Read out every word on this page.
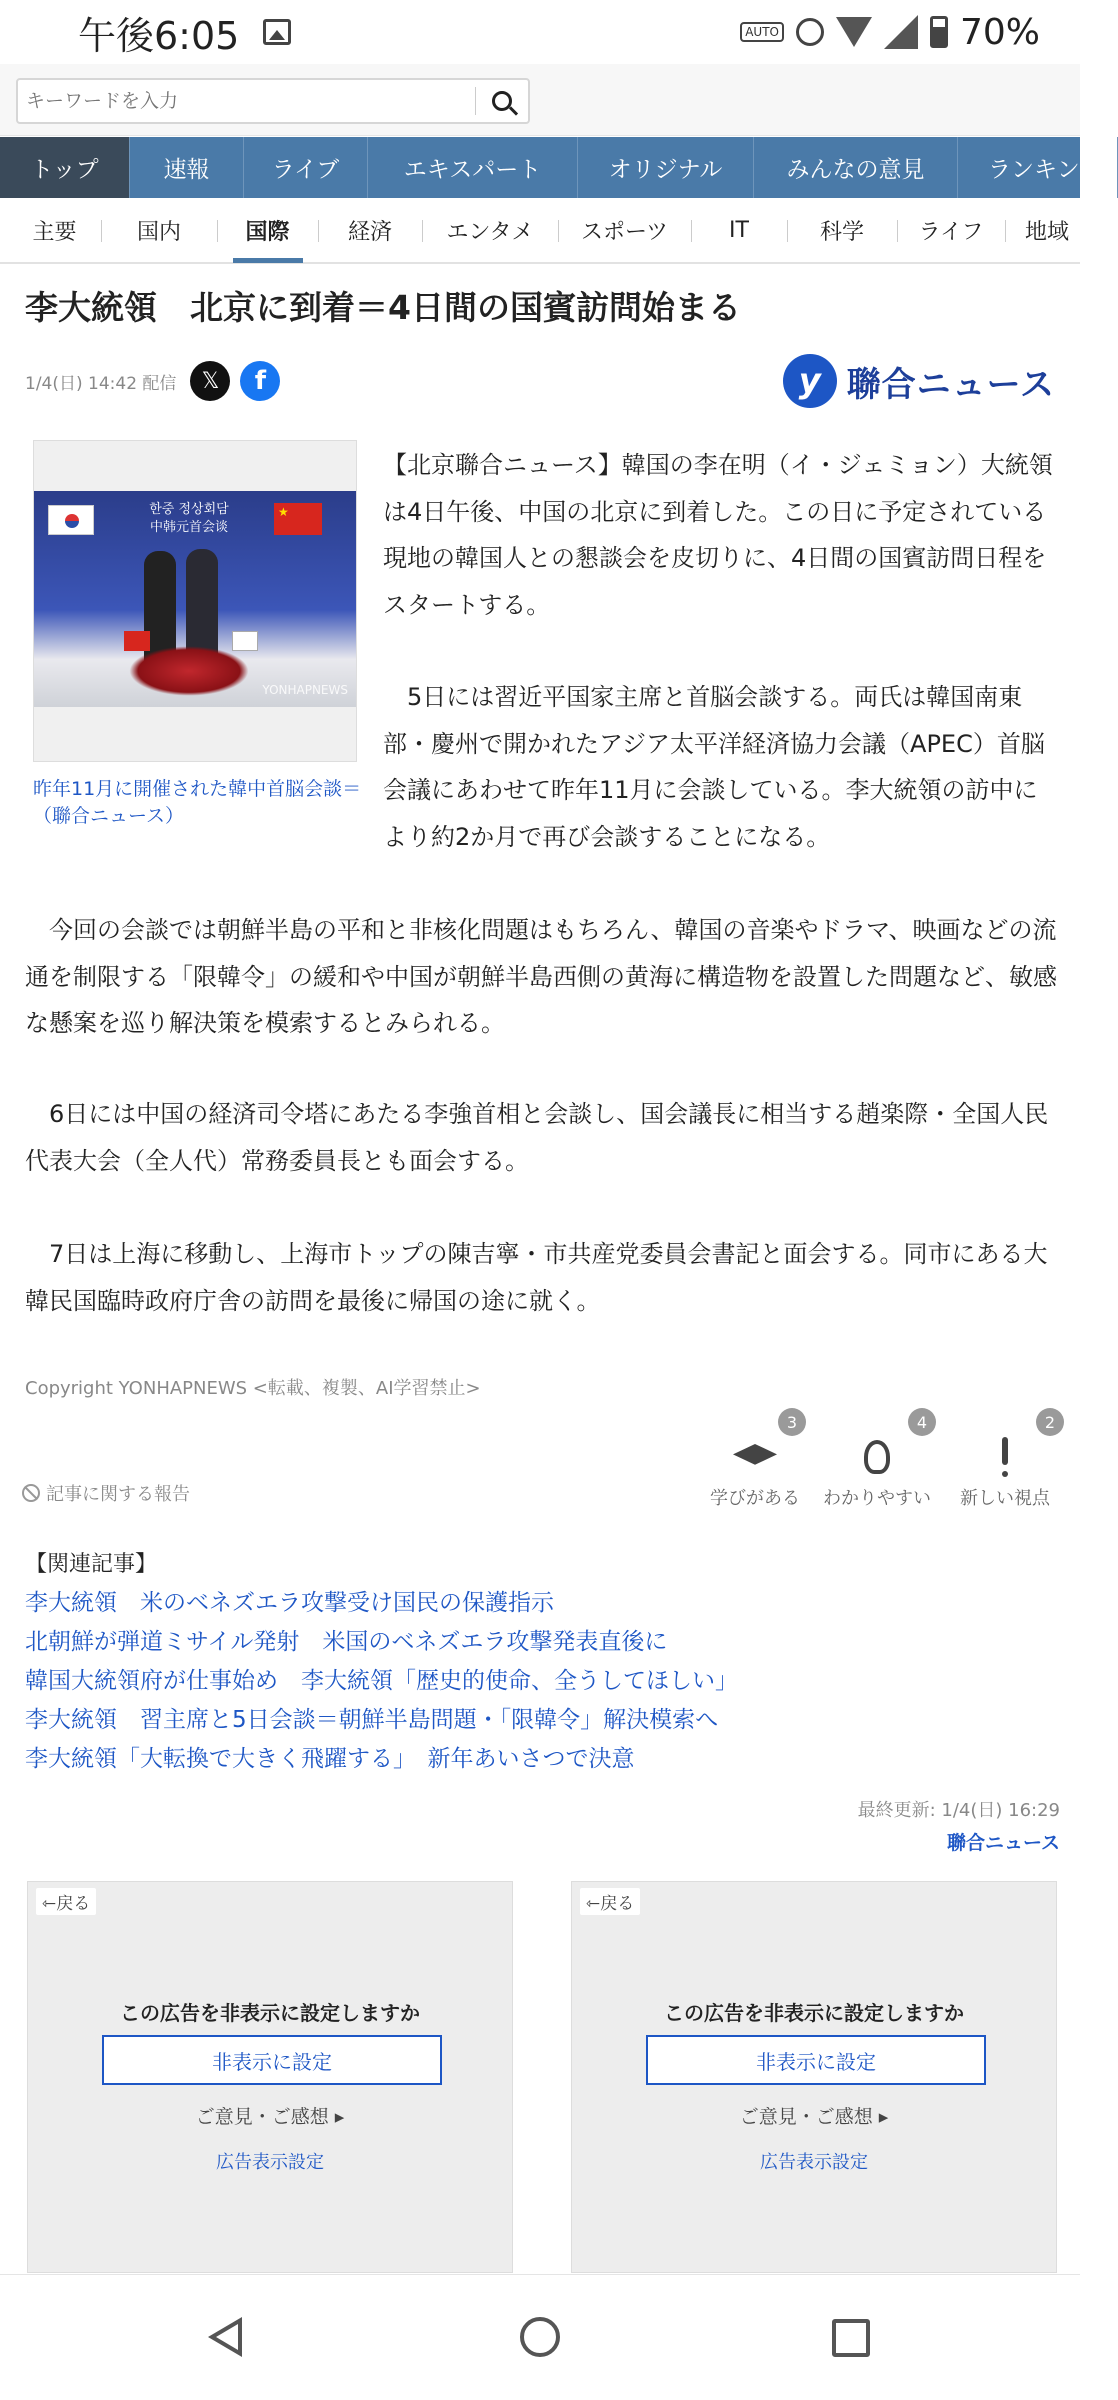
午後6:05	AUTO	70%
キーワードを入力
トップ	速報	ライブ	エキスパート	オリジナル	みんなの意見	ランキング
主要	国内	国際	経済	エンタメ	スポーツ	IT	科学	ライフ	地域
李大統領　北京に到着＝4日間の国賓訪問始まる
1/4(日) 14:42 配信	𝕏	f	y 聯合ニュース
한중 정상회담
中韩元首会谈
★
YONHAPNEWS
昨年11月に開催された韓中首脳会談＝（聯合ニュース）

【北京聯合ニュース】韓国の李在明（イ・ジェミョン）大統領は4日午後、中国の北京に到着した。この日に予定されている現地の韓国人との懇談会を皮切りに、4日間の国賓訪問日程をスタートする。

　5日には習近平国家主席と首脳会談する。両氏は韓国南東部・慶州で開かれたアジア太平洋経済協力会議（APEC）首脳会議にあわせて昨年11月に会談している。李大統領の訪中により約2か月で再び会談することになる。

　今回の会談では朝鮮半島の平和と非核化問題はもちろん、韓国の音楽やドラマ、映画などの流通を制限する「限韓令」の緩和や中国が朝鮮半島西側の黄海に構造物を設置した問題など、敏感な懸案を巡り解決策を模索するとみられる。

　6日には中国の経済司令塔にあたる李強首相と会談し、国会議長に相当する趙楽際・全国人民代表大会（全人代）常務委員長とも面会する。

　7日は上海に移動し、上海市トップの陳吉寧・市共産党委員会書記と面会する。同市にある大韓民国臨時政府庁舎の訪問を最後に帰国の途に就く。

Copyright YONHAPNEWS <転載、複製、AI学習禁止>
記事に関する報告
3
学びがある
4
わかりやすい
2
新しい視点
【関連記事】
李大統領　米のベネズエラ攻撃受け国民の保護指示
北朝鮮が弾道ミサイル発射　米国のベネズエラ攻撃発表直後に
韓国大統領府が仕事始め　李大統領「歴史的使命、全うしてほしい」
李大統領　習主席と5日会談＝朝鮮半島問題・「限韓令」解決模索へ
李大統領「大転換で大きく飛躍する」　新年あいさつで決意
最終更新: 1/4(日) 16:29
聯合ニュース
⇽戻る
この広告を非表示に設定しますか
非表示に設定
ご意見・ご感想 ▸
広告表示設定
⇽戻る
この広告を非表示に設定しますか
非表示に設定
ご意見・ご感想 ▸
広告表示設定
